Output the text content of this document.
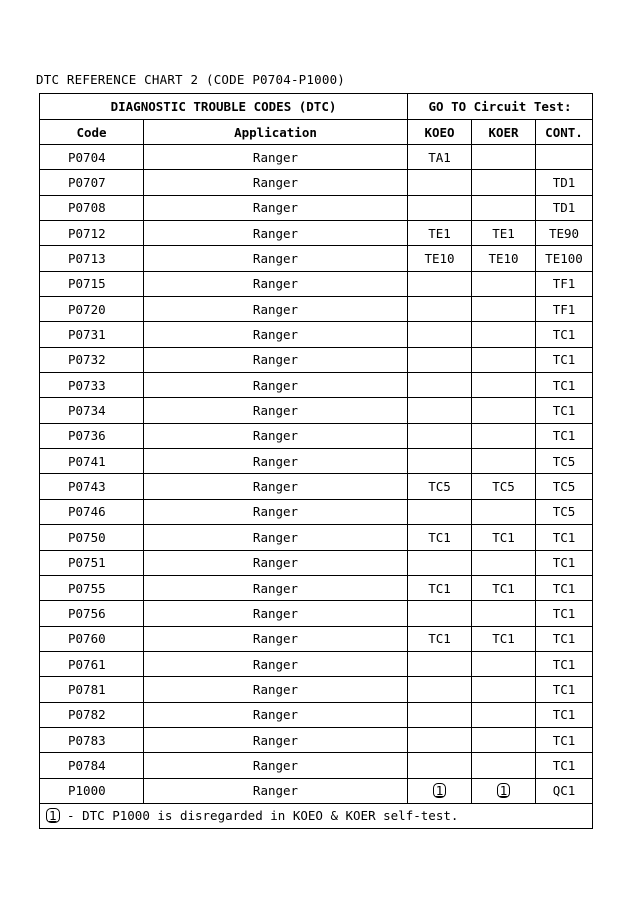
DTC REFERENCE CHART 2 (CODE P0704-P1000)
DIAGNOSTIC TROUBLE CODES (DTC)		GO TO Circuit Test:		
Code	Application	KOEO	KOER	CONT.
P0704	Ranger	TA1		
P0707	Ranger			TD1
P0708	Ranger			TD1
P0712	Ranger	TE1	TE1	TE90
P0713	Ranger	TE10	TE10	TE100
P0715	Ranger			TF1
P0720	Ranger			TF1
P0731	Ranger			TC1
P0732	Ranger			TC1
P0733	Ranger			TC1
P0734	Ranger			TC1
P0736	Ranger			TC1
P0741	Ranger			TC5
P0743	Ranger	TC5	TC5	TC5
P0746	Ranger			TC5
P0750	Ranger	TC1	TC1	TC1
P0751	Ranger			TC1
P0755	Ranger	TC1	TC1	TC1
P0756	Ranger			TC1
P0760	Ranger	TC1	TC1	TC1
P0761	Ranger			TC1
P0781	Ranger			TC1
P0782	Ranger			TC1
P0783	Ranger			TC1
P0784	Ranger			TC1
P1000	Ranger	1	1	QC1
1 - DTC P1000 is disregarded in KOEO & KOER self-test.				
